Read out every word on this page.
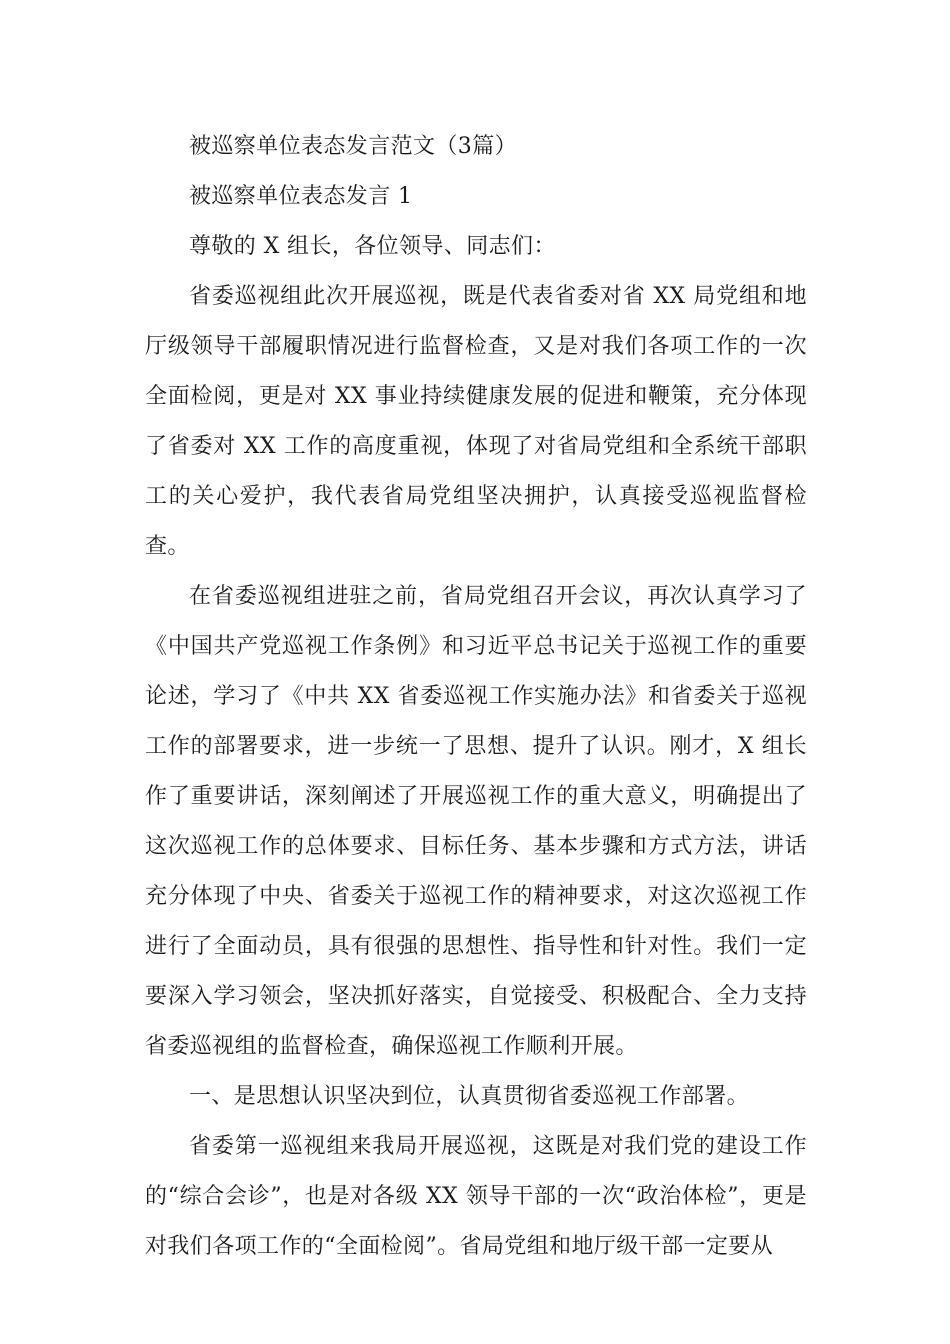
被巡察单位表态发言范文（3篇）

被巡察单位表态发言 1

尊敬的 X 组长，各位领导、同志们：

省委巡视组此次开展巡视，既是代表省委对省 XX 局党组和地厅级领导干部履职情况进行监督检查，又是对我们各项工作的一次全面检阅，更是对 XX 事业持续健康发展的促进和鞭策，充分体现了省委对 XX 工作的高度重视，体现了对省局党组和全系统干部职工的关心爱护，我代表省局党组坚决拥护，认真接受巡视监督检查。

在省委巡视组进驻之前，省局党组召开会议，再次认真学习了《中国共产党巡视工作条例》和习近平总书记关于巡视工作的重要论述，学习了《中共 XX 省委巡视工作实施办法》和省委关于巡视工作的部署要求，进一步统一了思想、提升了认识。刚才，X 组长作了重要讲话，深刻阐述了开展巡视工作的重大意义，明确提出了这次巡视工作的总体要求、目标任务、基本步骤和方式方法，讲话充分体现了中央、省委关于巡视工作的精神要求，对这次巡视工作进行了全面动员，具有很强的思想性、指导性和针对性。我们一定要深入学习领会，坚决抓好落实，自觉接受、积极配合、全力支持省委巡视组的监督检查，确保巡视工作顺利开展。

一、是思想认识坚决到位，认真贯彻省委巡视工作部署。

省委第一巡视组来我局开展巡视，这既是对我们党的建设工作的“综合会诊”，也是对各级 XX 领导干部的一次“政治体检”，更是对我们各项工作的“全面检阅”。省局党组和地厅级干部一定要从
